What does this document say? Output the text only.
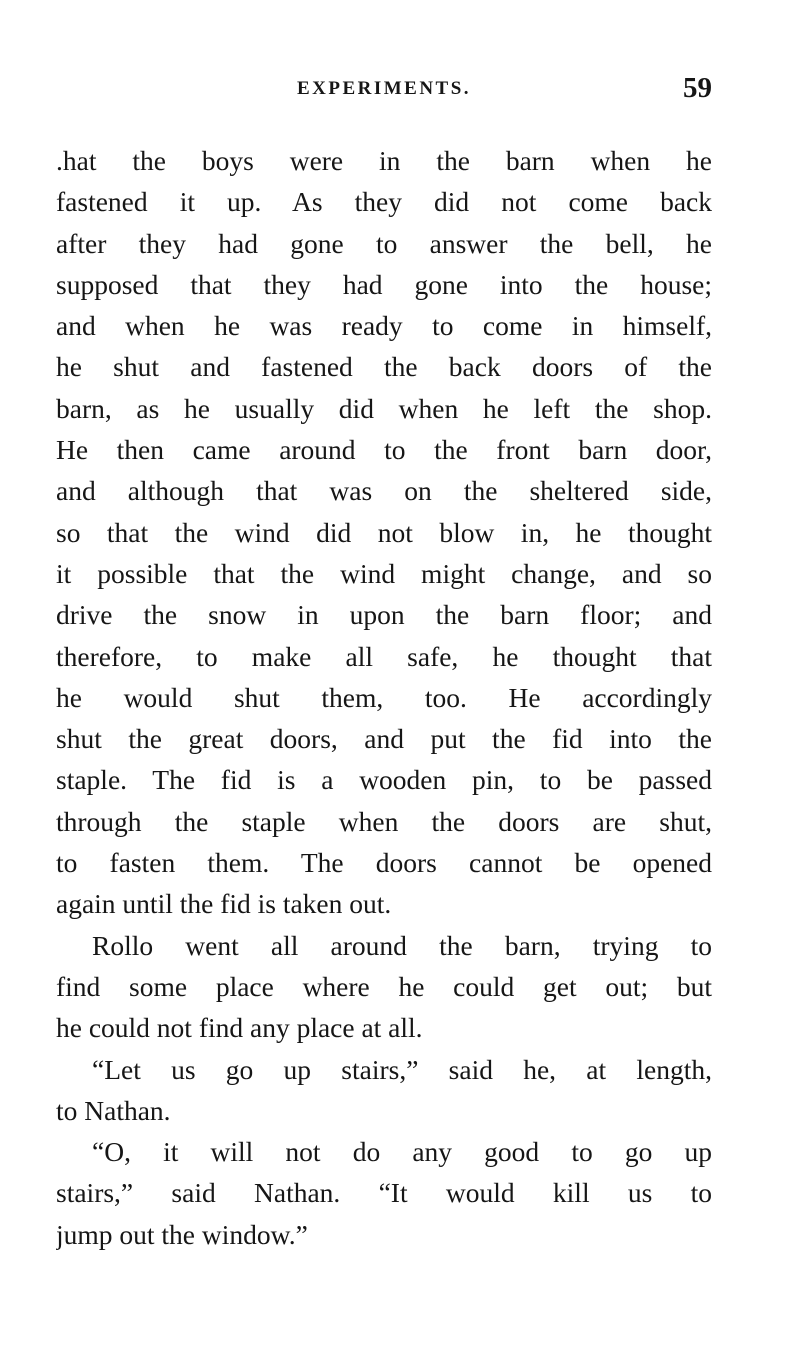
EXPERIMENTS.	59
.hat the boys were in the barn when he
fastened it up. As they did not come back
after they had gone to answer the bell, he
supposed that they had gone into the house;
and when he was ready to come in himself,
he shut and fastened the back doors of the
barn, as he usually did when he left the shop.
He then came around to the front barn door,
and although that was on the sheltered side,
so that the wind did not blow in, he thought
it possible that the wind might change, and so
drive the snow in upon the barn floor; and
therefore, to make all safe, he thought that
he would shut them, too. He accordingly
shut the great doors, and put the fid into the
staple. The fid is a wooden pin, to be passed
through the staple when the doors are shut,
to fasten them. The doors cannot be opened
again until the fid is taken out.
Rollo went all around the barn, trying to
find some place where he could get out; but
he could not find any place at all.
“Let us go up stairs,” said he, at length,
to Nathan.
“O, it will not do any good to go up
stairs,” said Nathan. “It would kill us to
jump out the window.”
